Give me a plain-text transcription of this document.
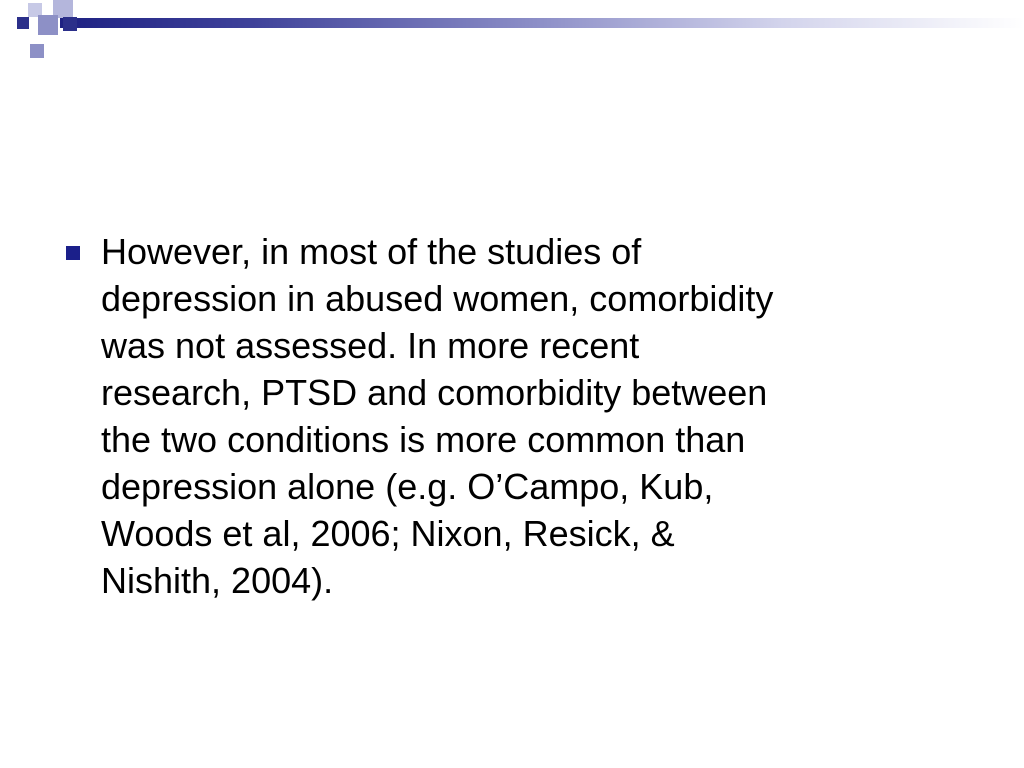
However, in most of the studies of
depression in abused women, comorbidity
was not assessed. In more recent
research, PTSD and comorbidity between
the two conditions is more common than
depression alone (e.g. O’Campo, Kub,
Woods et al, 2006; Nixon, Resick, &
Nishith, 2004).
